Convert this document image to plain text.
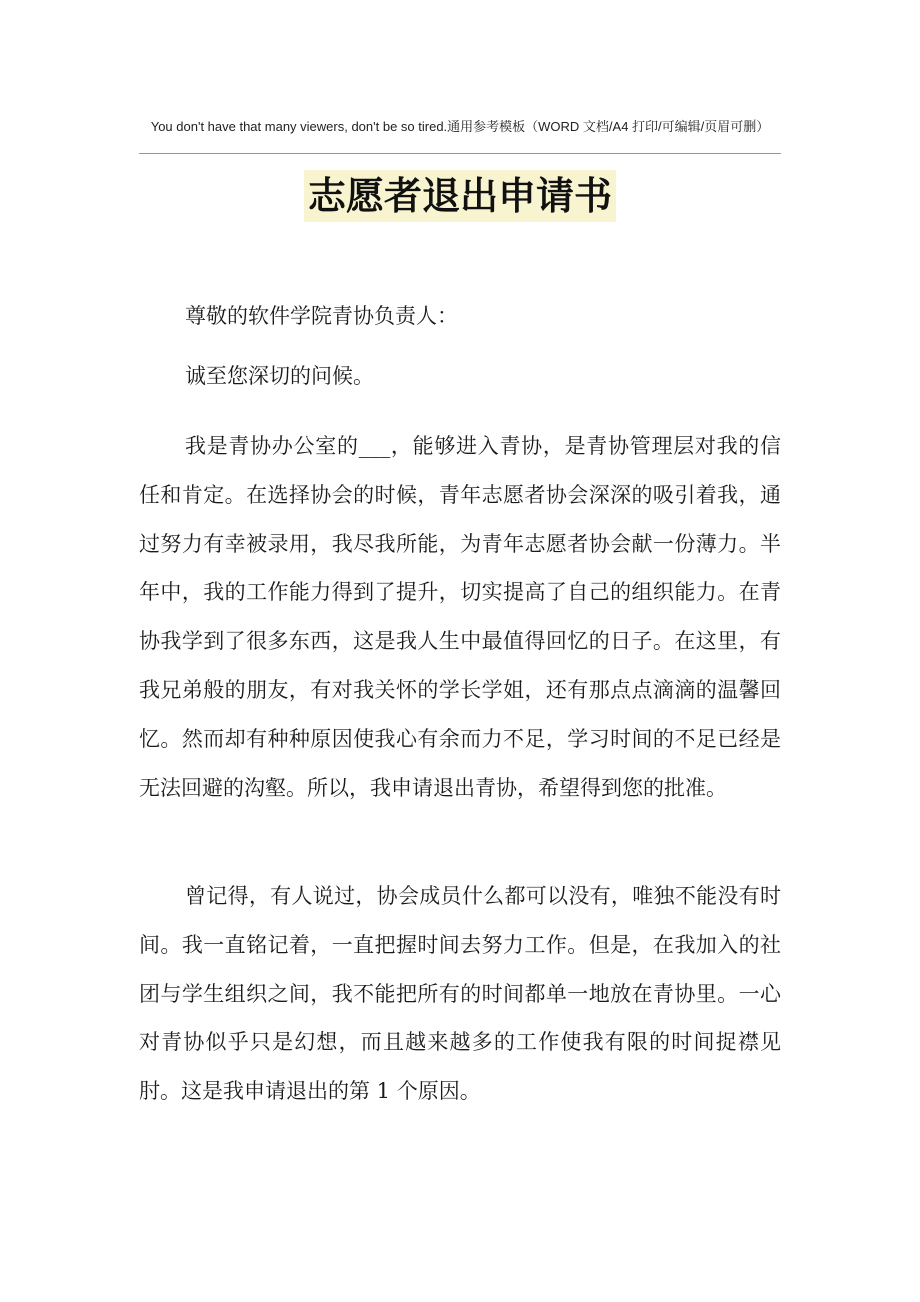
You don't have that many viewers, don't be so tired.通用参考模板（WORD 文档/A4 打印/可编辑/页眉可删）
志愿者退出申请书

尊敬的软件学院青协负责人：

诚至您深切的问候。

我是青协办公室的___，能够进入青协，是青协管理层对我的信任和肯定。在选择协会的时候，青年志愿者协会深深的吸引着我，通过努力有幸被录用，我尽我所能，为青年志愿者协会献一份薄力。半年中，我的工作能力得到了提升，切实提高了自己的组织能力。在青协我学到了很多东西，这是我人生中最值得回忆的日子。在这里，有我兄弟般的朋友，有对我关怀的学长学姐，还有那点点滴滴的温馨回忆。然而却有种种原因使我心有余而力不足，学习时间的不足已经是无法回避的沟壑。所以，我申请退出青协，希望得到您的批准。

曾记得，有人说过，协会成员什么都可以没有，唯独不能没有时间。我一直铭记着，一直把握时间去努力工作。但是，在我加入的社团与学生组织之间，我不能把所有的时间都单一地放在青协里。一心对青协似乎只是幻想，而且越来越多的工作使我有限的时间捉襟见肘。这是我申请退出的第 1 个原因。
